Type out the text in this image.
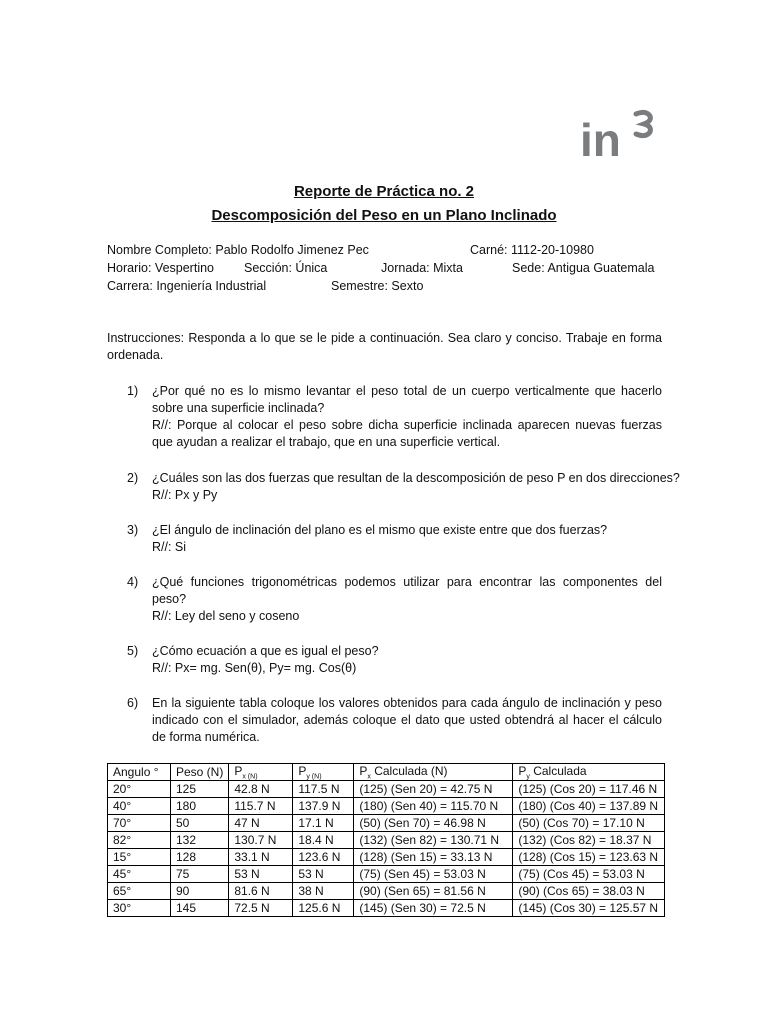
in
Reporte de Práctica no. 2
Descomposición del Peso en un Plano Inclinado
Nombre Completo: Pablo Rodolfo Jimenez Pec	Carné: 1112-20-10980
Horario: Vespertino Sección: Única	Jornada: Mixta	Sede: Antigua Guatemala
Carrera: Ingeniería Industrial	Semestre: Sexto
Instrucciones: Responda a lo que se le pide a continuación. Sea claro y conciso. Trabaje en forma ordenada.
1) ¿Por qué no es lo mismo levantar el peso total de un cuerpo verticalmente que hacerlo sobre una superficie inclinada?
R//: Porque al colocar el peso sobre dicha superficie inclinada aparecen nuevas fuerzas que ayudan a realizar el trabajo, que en una superficie vertical.
2) ¿Cuáles son las dos fuerzas que resultan de la descomposición de peso P en dos direcciones?
R//: Px y Py
3) ¿El ángulo de inclinación del plano es el mismo que existe entre que dos fuerzas?
R//: Si
4) ¿Qué funciones trigonométricas podemos utilizar para encontrar las componentes del peso?
R//: Ley del seno y coseno
5) ¿Cómo ecuación a que es igual el peso?
R//: Px= mg. Sen(θ), Py= mg. Cos(θ)
6) En la siguiente tabla coloque los valores obtenidos para cada ángulo de inclinación y peso indicado con el simulador, además coloque el dato que usted obtendrá al hacer el cálculo de forma numérica.
Angulo °	Peso (N)	$P_{x (N)}$	$P_{y (N)}$	$P_x$ Calculada (N)	$P_y$ Calculada
20°	125	42.8 N	117.5 N	(125) (Sen 20) = 42.75 N	(125) (Cos 20) = 117.46 N
40°	180	115.7 N	137.9 N	(180) (Sen 40) = 115.70 N	(180) (Cos 40) = 137.89 N
70°	50	47 N	17.1 N	(50) (Sen 70) = 46.98 N	(50) (Cos 70) = 17.10 N
82°	132	130.7 N	18.4 N	(132) (Sen 82) = 130.71 N	(132) (Cos 82) = 18.37 N
15°	128	33.1 N	123.6 N	(128) (Sen 15) = 33.13 N	(128) (Cos 15) = 123.63 N
45°	75	53 N	53 N	(75) (Sen 45) = 53.03 N	(75) (Cos 45) = 53.03 N
65°	90	81.6 N	38 N	(90) (Sen 65) = 81.56 N	(90) (Cos 65) = 38.03 N
30°	145	72.5 N	125.6 N	(145) (Sen 30) = 72.5 N	(145) (Cos 30) = 125.57 N
